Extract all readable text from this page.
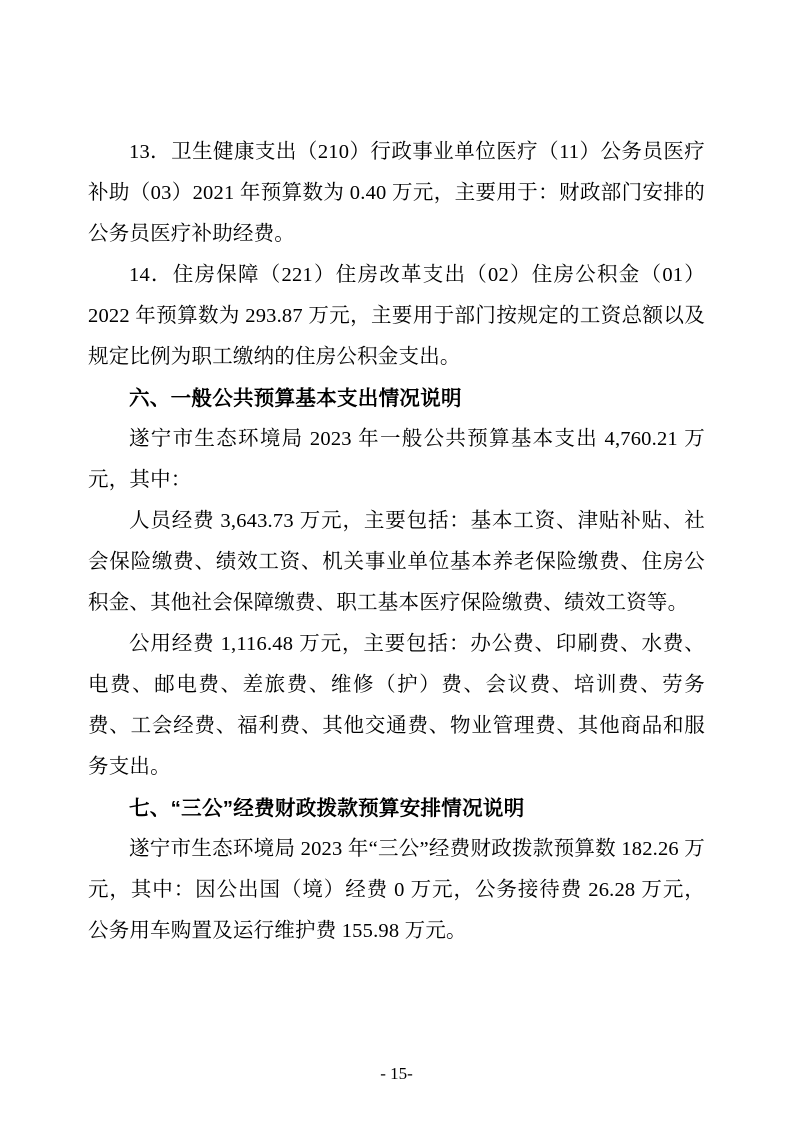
13．卫生健康支出（210）行政事业单位医疗（11）公务员医疗补助（03）2021 年预算数为 0.40 万元，主要用于：财政部门安排的公务员医疗补助经费。

14．住房保障（221）住房改革支出（02）住房公积金（01）2022 年预算数为 293.87 万元，主要用于部门按规定的工资总额以及规定比例为职工缴纳的住房公积金支出。

六、一般公共预算基本支出情况说明

遂宁市生态环境局 2023 年一般公共预算基本支出 4,760.21 万元，其中：

人员经费 3,643.73 万元，主要包括：基本工资、津贴补贴、社会保险缴费、绩效工资、机关事业单位基本养老保险缴费、住房公积金、其他社会保障缴费、职工基本医疗保险缴费、绩效工资等。

公用经费 1,116.48 万元，主要包括：办公费、印刷费、水费、电费、邮电费、差旅费、维修（护）费、会议费、培训费、劳务费、工会经费、福利费、其他交通费、物业管理费、其他商品和服务支出。

七、“三公”经费财政拨款预算安排情况说明

遂宁市生态环境局 2023 年“三公”经费财政拨款预算数 182.26 万元，其中：因公出国（境）经费 0 万元，公务接待费 26.28 万元，公务用车购置及运行维护费 155.98 万元。

- 15-
